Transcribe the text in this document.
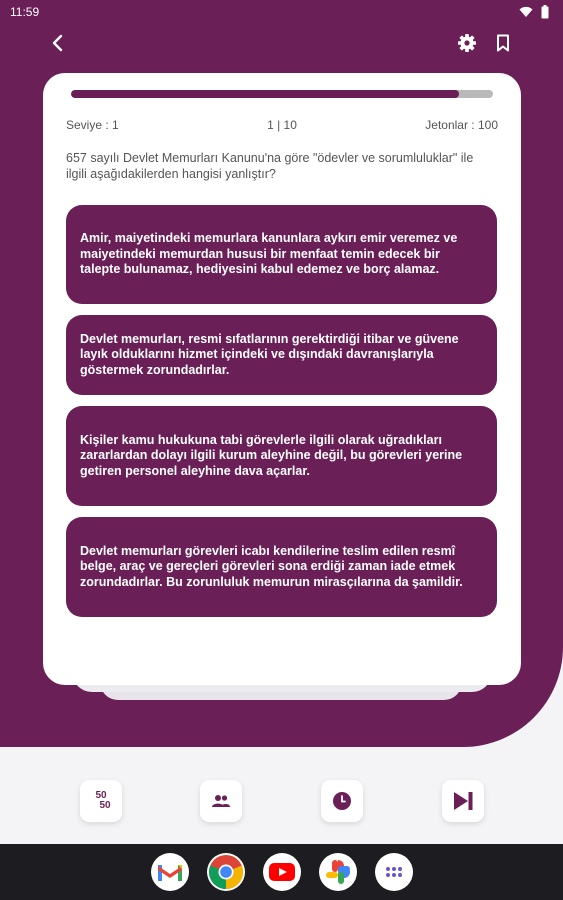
11:59
Seviye : 1	1 | 10	Jetonlar : 100
657 sayılı Devlet Memurları Kanunu'na göre "ödevler ve sorumluluklar" ile ilgili aşağıdakilerden hangisi yanlıştır?
Amir, maiyetindeki memurlara kanunlara aykırı emir veremez ve maiyetindeki memurdan hususi bir menfaat temin edecek bir talepte bulunamaz, hediyesini kabul edemez ve borç alamaz.
Devlet memurları, resmi sıfatlarının gerektirdiği itibar ve güvene layık olduklarını hizmet içindeki ve dışındaki davranışlarıyla göstermek zorundadırlar.
Kişiler kamu hukukuna tabi görevlerle ilgili olarak uğradıkları zararlardan dolayı ilgili kurum aleyhine değil, bu görevleri yerine getiren personel aleyhine dava açarlar.
Devlet memurları görevleri icabı kendilerine teslim edilen resmî belge, araç ve gereçleri görevleri sona erdiği zaman iade etmek zorundadırlar. Bu zorunluluk memurun mirasçılarına da şamildir.
50
50
